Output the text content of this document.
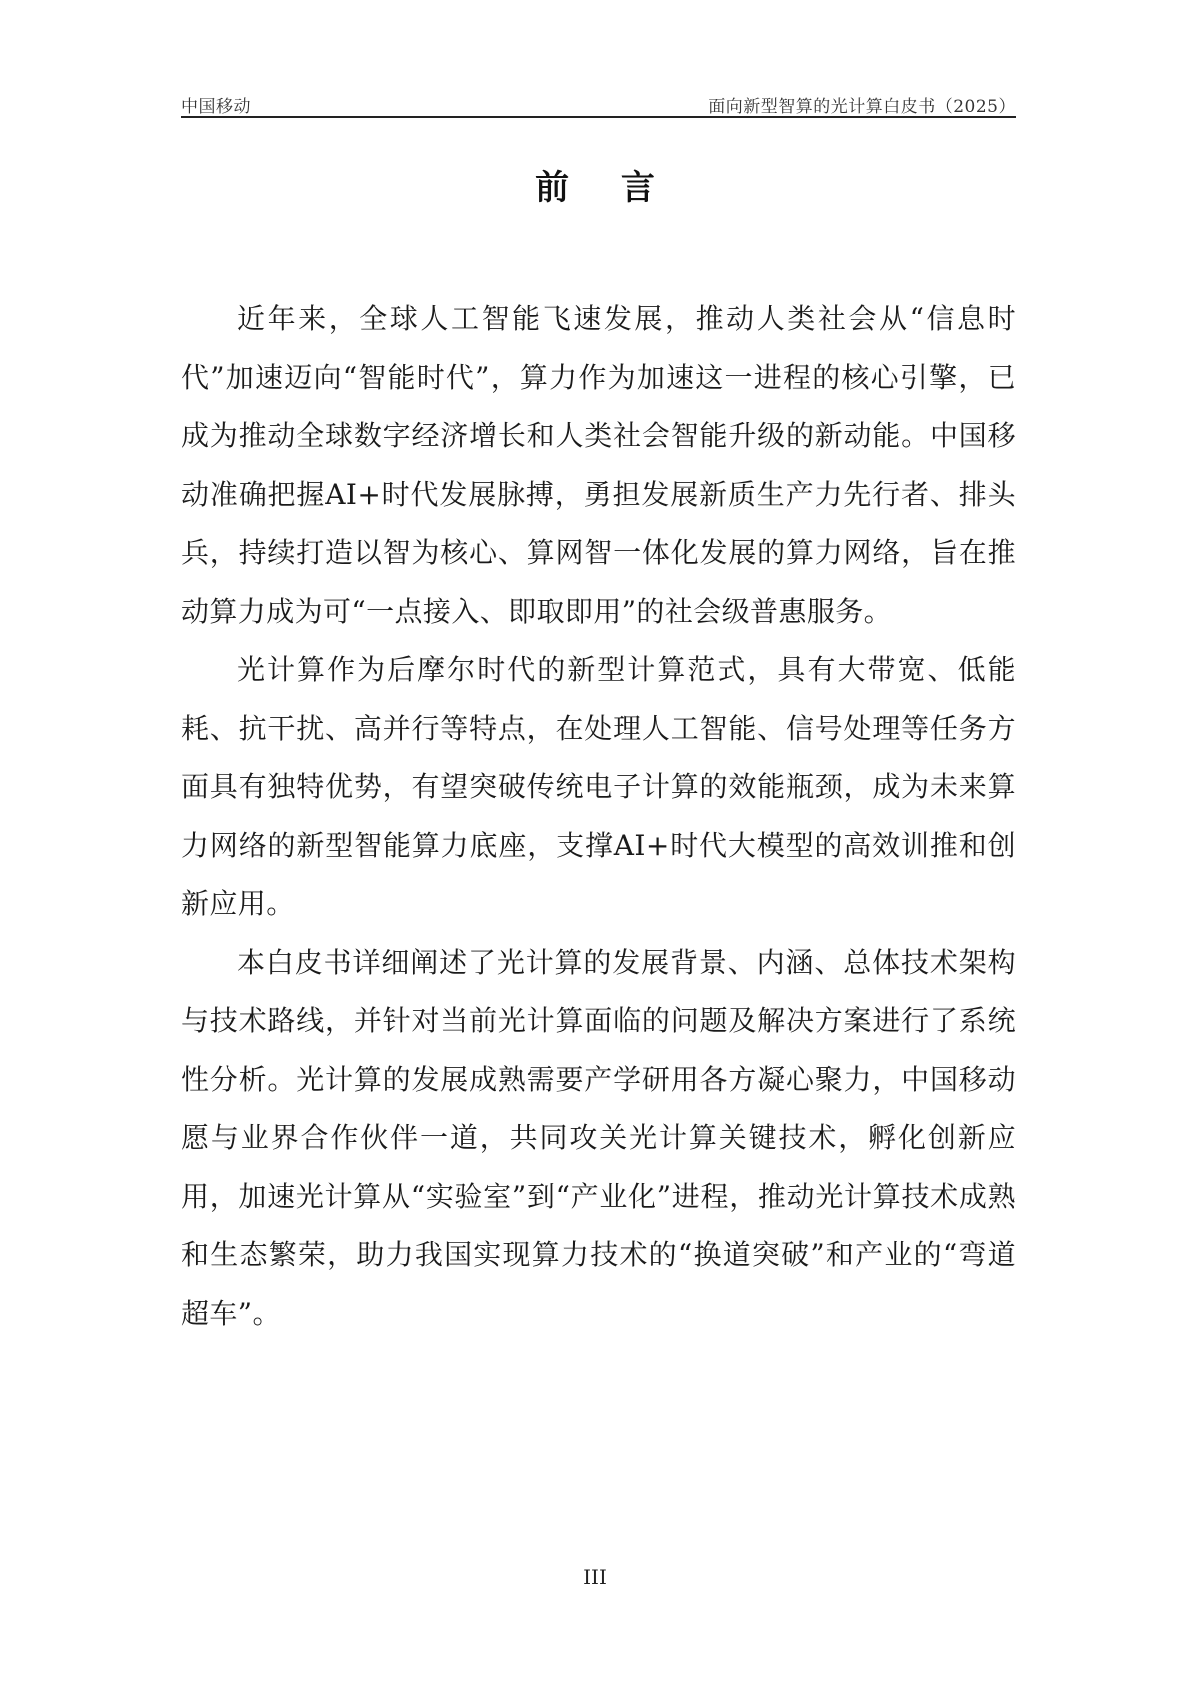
中国移动	面向新型智算的光计算白皮书（2025）
前 言

近年来，全球人工智能飞速发展，推动人类社会从“信息时代”加速迈向“智能时代”，算力作为加速这一进程的核心引擎，已成为推动全球数字经济增长和人类社会智能升级的新动能。中国移动准确把握AI+时代发展脉搏，勇担发展新质生产力先行者、排头兵，持续打造以智为核心、算网智一体化发展的算力网络，旨在推动算力成为可“一点接入、即取即用”的社会级普惠服务。

光计算作为后摩尔时代的新型计算范式，具有大带宽、低能耗、抗干扰、高并行等特点，在处理人工智能、信号处理等任务方面具有独特优势，有望突破传统电子计算的效能瓶颈，成为未来算力网络的新型智能算力底座，支撑AI+时代大模型的高效训推和创新应用。

本白皮书详细阐述了光计算的发展背景、内涵、总体技术架构与技术路线，并针对当前光计算面临的问题及解决方案进行了系统性分析。光计算的发展成熟需要产学研用各方凝心聚力，中国移动愿与业界合作伙伴一道，共同攻关光计算关键技术，孵化创新应用，加速光计算从“实验室”到“产业化”进程，推动光计算技术成熟和生态繁荣，助力我国实现算力技术的“换道突破”和产业的“弯道超车”。

III
